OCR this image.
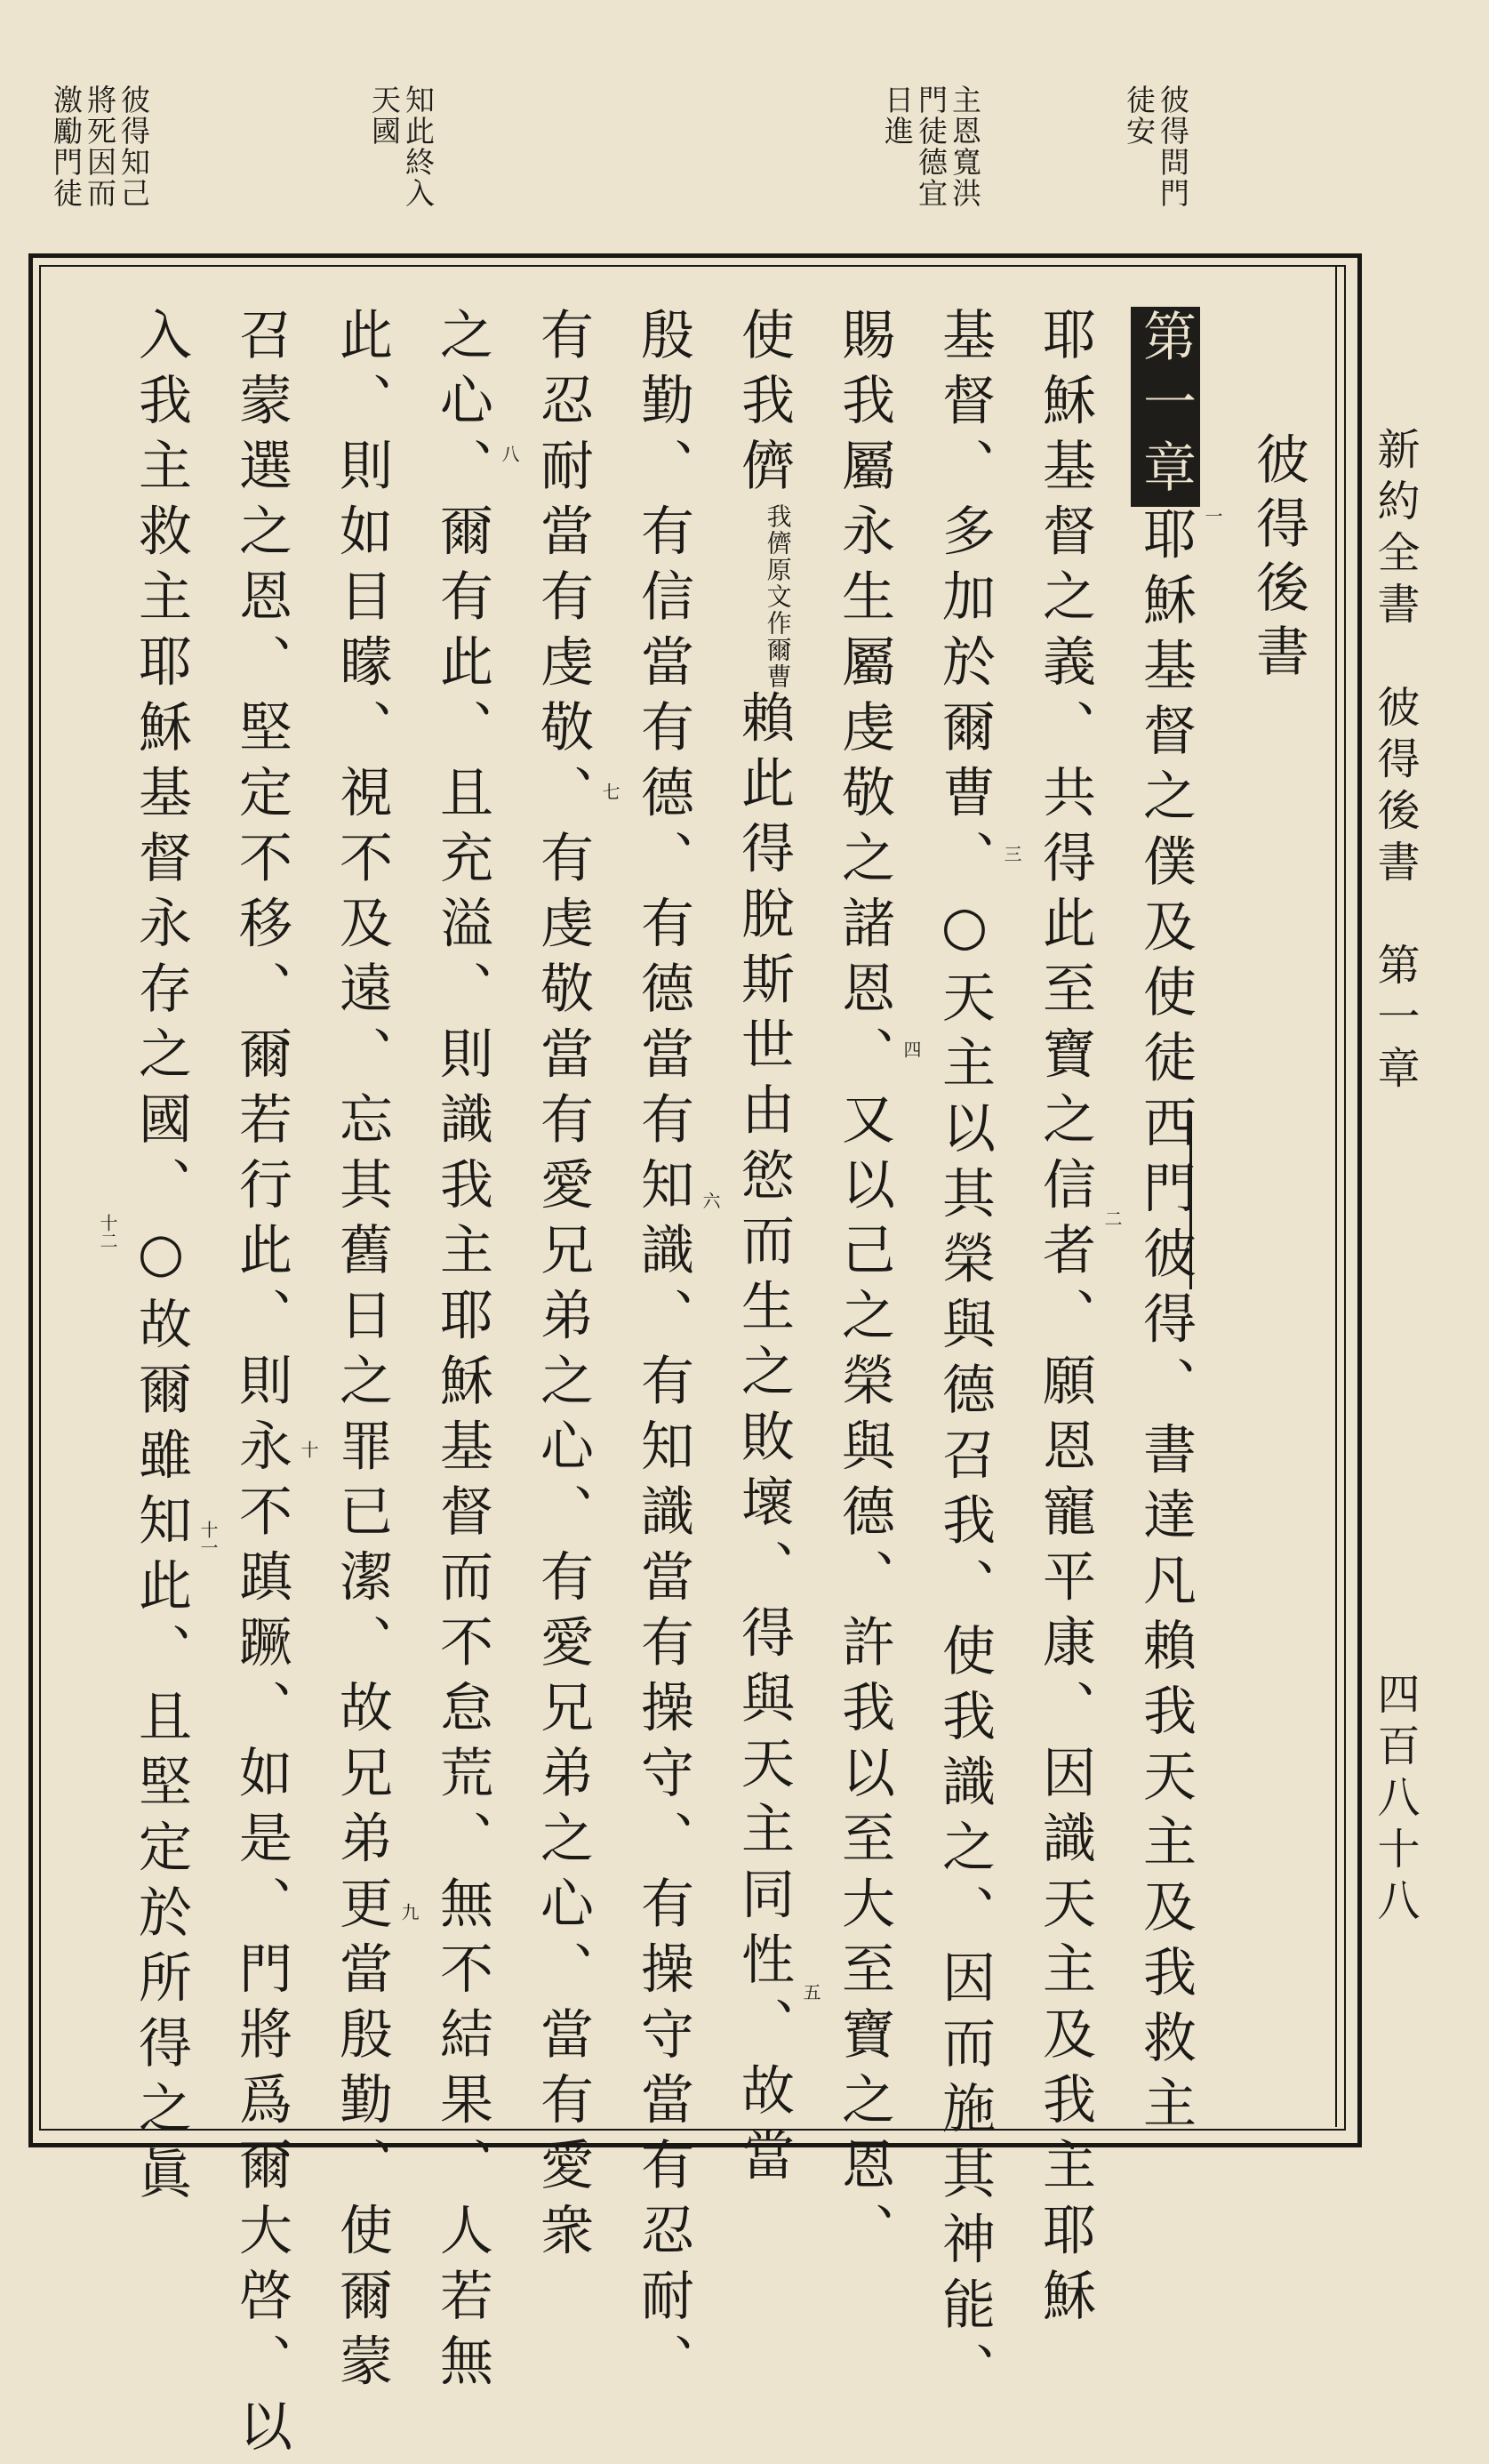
彼得問門
徒安
主恩寬洪
門徒德宜
日進
知此終入
天國
彼得知己
將死因而
激勵門徒
新約全書　彼得後書　第一章
四百八十八
彼得後書
第一章耶穌基督之僕及使徒西門彼得、書達凡賴我天主及我救主
耶穌基督之義、共得此至寶之信者、願恩寵平康、因識天主及我主耶穌
基督、多加於爾曹、○天主以其榮與德召我、使我識之、因而施其神能、
賜我屬永生屬虔敬之諸恩、又以己之榮與德、許我以至大至寶之恩、
使我儕我儕原文作爾曹賴此得脫斯世由慾而生之敗壞、得與天主同性、故當
殷勤、有信當有德、有德當有知識、有知識當有操守、有操守當有忍耐、
有忍耐當有虔敬、有虔敬當有愛兄弟之心、有愛兄弟之心、當有愛衆
之心、爾有此、且充溢、則識我主耶穌基督而不怠荒、無不結果、人若無
此、則如目矇、視不及遠、忘其舊日之罪已潔、故兄弟更當殷勤、使爾蒙
召蒙選之恩、堅定不移、爾若行此、則永不蹎蹶、如是、門將爲爾大啓、以
入我主救主耶穌基督永存之國、○故爾雖知此、且堅定於所得之眞	一
二
三
四
五
六
七
八
九
十
十一
十二
